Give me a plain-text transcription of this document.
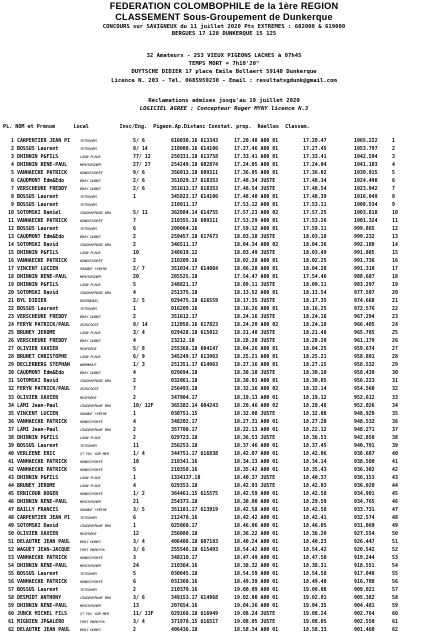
FEDERATION COLOMBOPHILE de la 1ère REGION
CLASSEMENT Sous-Groupement de Dunkerque
CONCOURS sur SAVIGNEUX du 11 juillet 2020 Pts EXTREMES : 602000 & 619000
BERGUES 17 128 DUNKERQUE 15 125
32 Amateurs - 253 VIEUX PIGEONS LACHES à 07h45
TEMPS MORT = 7h10'20"
DUYTSCHE DIDIER 17 place Emile Bollaert 59140 Dunkerque
Licence N. 203 - Tél. 0685959230 - Email : resultatsgdunk@gmail.com
Réclamations admises jusqu'au 19 juillet 2020
LOGICIEL AGREE : Concepteur Roger MYNY licence N.3
PL. NOM et Prénom      Local          Insc/Eng.  Pigeon.Ap.Distanc Constat. prop.  Réelles  Classem.
1 CARPENTIER JEAN PI	TETEGHEM	5/ 6	616030.16 613343	17.20.48 A00 01	17.20.47	1065.222	1
2 BOSSUS Laurent	TETEGHEM	8/ 14	210008.16 614106	17.27.46 A00 01	17.27.45	1053.797	2
3 DHINNIN P&FILS	LOON PLAGE	77/ 12	250331.18 613758	17.33.41 A00 01	17.33.41	1042.594	3
4 DHINNIN RENE-PAUL	MERCKEGHEM	27/ 27	254249.18 602874	17.24.05 A00 01	17.24.04	1041.103	4
5 VANHAECKE PATRICK	HONDSCHOOTE	9/ 6	356013.18 609311	17.36.05 A00 01	17.36.02	1030.915	5
6 CAUDMONT Edm&Edo	BRAY DUNES	2/ 6	351029.17 618353	17.48.34 JUSTE	17.48.34	1024.498	6
7 VERSCHEURE FREDDY	BRAY DUNES	2/ 6	351613.17 618353	17.48.54 JUSTE	17.48.54	1023.942	7
8 BOSSUS Laurent	TETEGHEM	1	345822.17 614106	17.48.40 A00 01	17.48.39	1016.049	8
9 BOSSUS Laurent	TETEGHEM	210011.17	17.53.12 A00 01	17.53.11	1008.534	9
10 SOTOMSKI Daniel	COUDEKERQUE BRA	5/ 11	362084.14 614755	17.57.23 A00 02	17.57.25	1003.818	10
11 VANHAECKE PATRICK	HONDSCHOOTE	7	210355.16 609311	17.53.29 A00 01	17.53.26	1001.324	11
12 BOSSUS Laurent	TETEGHEM	6	209064.16	17.59.12 A00 01	17.59.11	999.865	12
13 CAUDMONT Edm&Edo	BRAY DUNES	2	259457.18 617673	18.03.18 JUSTE	18.03.18	999.232	13
14 SOTOMSKI David	COUDEKERQUE BRA	2	346511.17	18.04.34 A00 02	18.04.36	992.180	14
15 DHINNIN P&FILS	LOON PLAGE	10	248619.12	18.03.49 JUSTE	18.03.49	991.985	15
16 VANHAECKE PATRICK	HONDSCHOOTE	2	210209.16	18.02.28 A00 01	18.02.25	991.736	16
17 VINCENT LUCIEN	GRANDE SYNTHE	2/ 7	351034.17 614084	18.06.28 A00 01	18.04.28	991.310	17
18 DHINNIN RENE-PAUL	MERCKEGHEM	20	285525.18	17.54.47 A00 01	17.54.46	988.687	18
19 DHINNIN P&FILS	LOON PLAGE	5	248821.17	18.09.11 JUSTE	18.09.11	983.297	19
20 SOTOMSKI David	COUDEKERQUE BRA	4	251375.18	18.13.52 A00 01	18.13.54	977.507	20
21 BYL DIDIER	ROSENDAEL	2/ 5	029475.18 616559	18.17.35 JUSTE	18.17.35	974.668	21
22 BOSSUS Laurent	TETEGHEM	1	016209.16	18.16.26 A00 01	18.16.25	972.576	22
23 VERSCHEURE FREDDY	BRAY DUNES	2	351612.17	18.24.16 JUSTE	18.24.16	967.294	23
24 FERYN PATRICK/PAUL	ZUYDCOOTE	8/ 14	212058.16 617823	18.24.20 A00 02	18.24.18	966.405	24
25 BRUNEY JEROME	LOON PLAGE	3/ 4	029428.18 615012	18.21.48 JUSTE	18.21.48	965.785	25
26 VERSCHEURE FREDDY	BRAY DUNES	4	23212.18	18.28.20 JUSTE	18.28.20	961.179	26
27 OLIVIER XAVIER	REXPOEDE	5/ 8	255368.18 604147	18.04.26 A00 01	18.04.25	959.674	27
28 BRUNET CHRISTOPHE	LOON PLAGE	6/ 9	345249.17 613963	18.25.21 A00 01	18.25.21	958.801	28
29 DECLERBERG STEPHAN	WORMHOUT	1/ 3	251351.17 614963	18.27.16 A00 01	18.27.15	958.532	29
30 CAUDMONT Edm&Edo	BRAY DUNES	4	029694.18	18.30.10 JUSTE	18.30.10	958.439	30
31 SOTOMSKI David	COUDEKERQUE BRA	2	032061.18	18.30.03 A00 01	18.30.05	956.223	31
32 FERYN PATRICK/PAUL	ZUYDCOOTE	7	256493.18	18.32.16 A00 02	18.32.14	954.560	32
33 OLIVIER XAVIER	REXPOEDE	2	347904.17	18.19.13 A00 01	18.19.12	952.612	33
34 LAMI Jean-Paul	COUDEKERQUE BRA	10/ 12F	365382.14 604243	18.20.46 A00 02	18.20.48	952.026	34
35 VINCENT LUCIEN	GRANDE SYNTHE	1	030751.15	18.32.08 JUSTE	18.32.08	948.929	35
36 VANHAECKE PATRICK	HONDSCHOOTE	4	348202.17	18.27.31 A00 01	18.27.28	948.532	36
37 LAMI Jean-Paul	COUDEKERQUE BRA	2	357700.17	18.22.13 A00 01	18.22.12	948.271	37
38 DHINNIN P&FILS	LOON PLAGE	2	029723.18	18.36.53 JUSTE	18.36.53	942.850	38
39 BOSSUS Laurent	TETEGHEM	11	256253.18	18.37.46 A00 01	18.37.45	940.791	39
40 VERLEENE ERIC	ST POL SUR MER	1/ 4	344751.17 616838	18.42.07 A00 01	18.42.06	938.687	40
41 VANHAECKE PATRICK	HONDSCHOOTE	10	210341.16	18.34.13 A00 01	18.34.14	938.500	41
42 VANHAECKE PATRICK	HONDSCHOOTE	5	210358.16	18.35.42 A00 01	18.35.43	936.302	42
43 DHINNIN P&FILS	LOON PLAGE	1	1334137.18	18.40.37 JUSTE	18.40.37	936.153	43
44 BRUNEY JEROME	LOON PLAGE	4	029353.18	18.42.03 JUSTE	18.42.03	936.020	44
45 ERNICOUR ROGER	HONDSCHOOTE	1/ 2	364461.15 615575	18.42.59 A00 01	18.42.58	934.901	45
46 DHINNIN RENE-PAUL	MERCKEGHEM	21	254373.18	18.30.00 A00 01	18.29.59	934.765	46
47 BAILLY FRANCIS	GRANDE SYNTHE	3/ 5	351101.17 613919	18.42.58 A00 01	18.42.58	933.731	47
48 CARPENTIER JEAN PI	TETEGHEM	6	212478.16	18.42.42 A00 01	18.42.41	932.574	48
49 SOTOMSKI David	COUDEKERQUE BRA	1	025060.17	18.46.06 A00 01	18.46.05	931.069	49
50 OLIVIER XAVIER	REXPOEDE	12	256080.18	18.36.22 A00 01	18.36.20	927.554	50
51 DELAUTRE JEAN PAUL	BRAY DUNES	3/ 4	406408.18 607183	18.40.24 A00 01	18.40.23	926.447	51
52 WAGUET JEAN-JACQUE	FORT MARDYCK	3/ 6	255548.18 615493	18.54.42 A00 01	18.54.42	920.542	52
53 VANHAECKE PATRICK	HONDSCHOOTE	3	348210.17	18.47.49 A00 01	18.47.50	919.244	53
54 DHINNIN RENE-PAUL	MERCKEGHEM	24	210364.16	18.38.32 A00 01	18.38.31	918.551	54
55 BOSSUS Laurent	TETEGHEM	5	030045.18	18.54.59 A00 01	18.54.58	917.048	55
56 VANHAECKE PATRICK	HONDSCHOOTE	6	031360.16	18.49.39 A00 01	18.49.40	916.708	56
57 BOSSUS Laurent	TETEGHEM	2	210370.16	19.00.09 A00 01	19.00.08	909.021	57
58 DESMIDT ANTHONY	COUDEKERQUE BRA	3/ 6	349153.17 614968	19.02.00 A00 01	19.02.01	905.382	58
59 DHINNIN RENE-PAUL	MERCKEGHEM	13	207654.16	19.04.36 A00 01	19.04.35	904.481	59
60 JUNCK MICHEL FILS	ST POL SUR MER	11/ 13F	029168.18 616949	19.08.24 JUSTE	19.08.24	902.764	60
61 MIGNIEN JP&ALERO	FORT MARDYCK	3/ 4	371978.15 616517	19.08.05 JUSTE	19.08.05	902.550	61
62 DELAUTRE JEAN PAUL	BRAY DUNES	2	406436.18	18.58.34 A00 01	18.58.33	901.460	62
